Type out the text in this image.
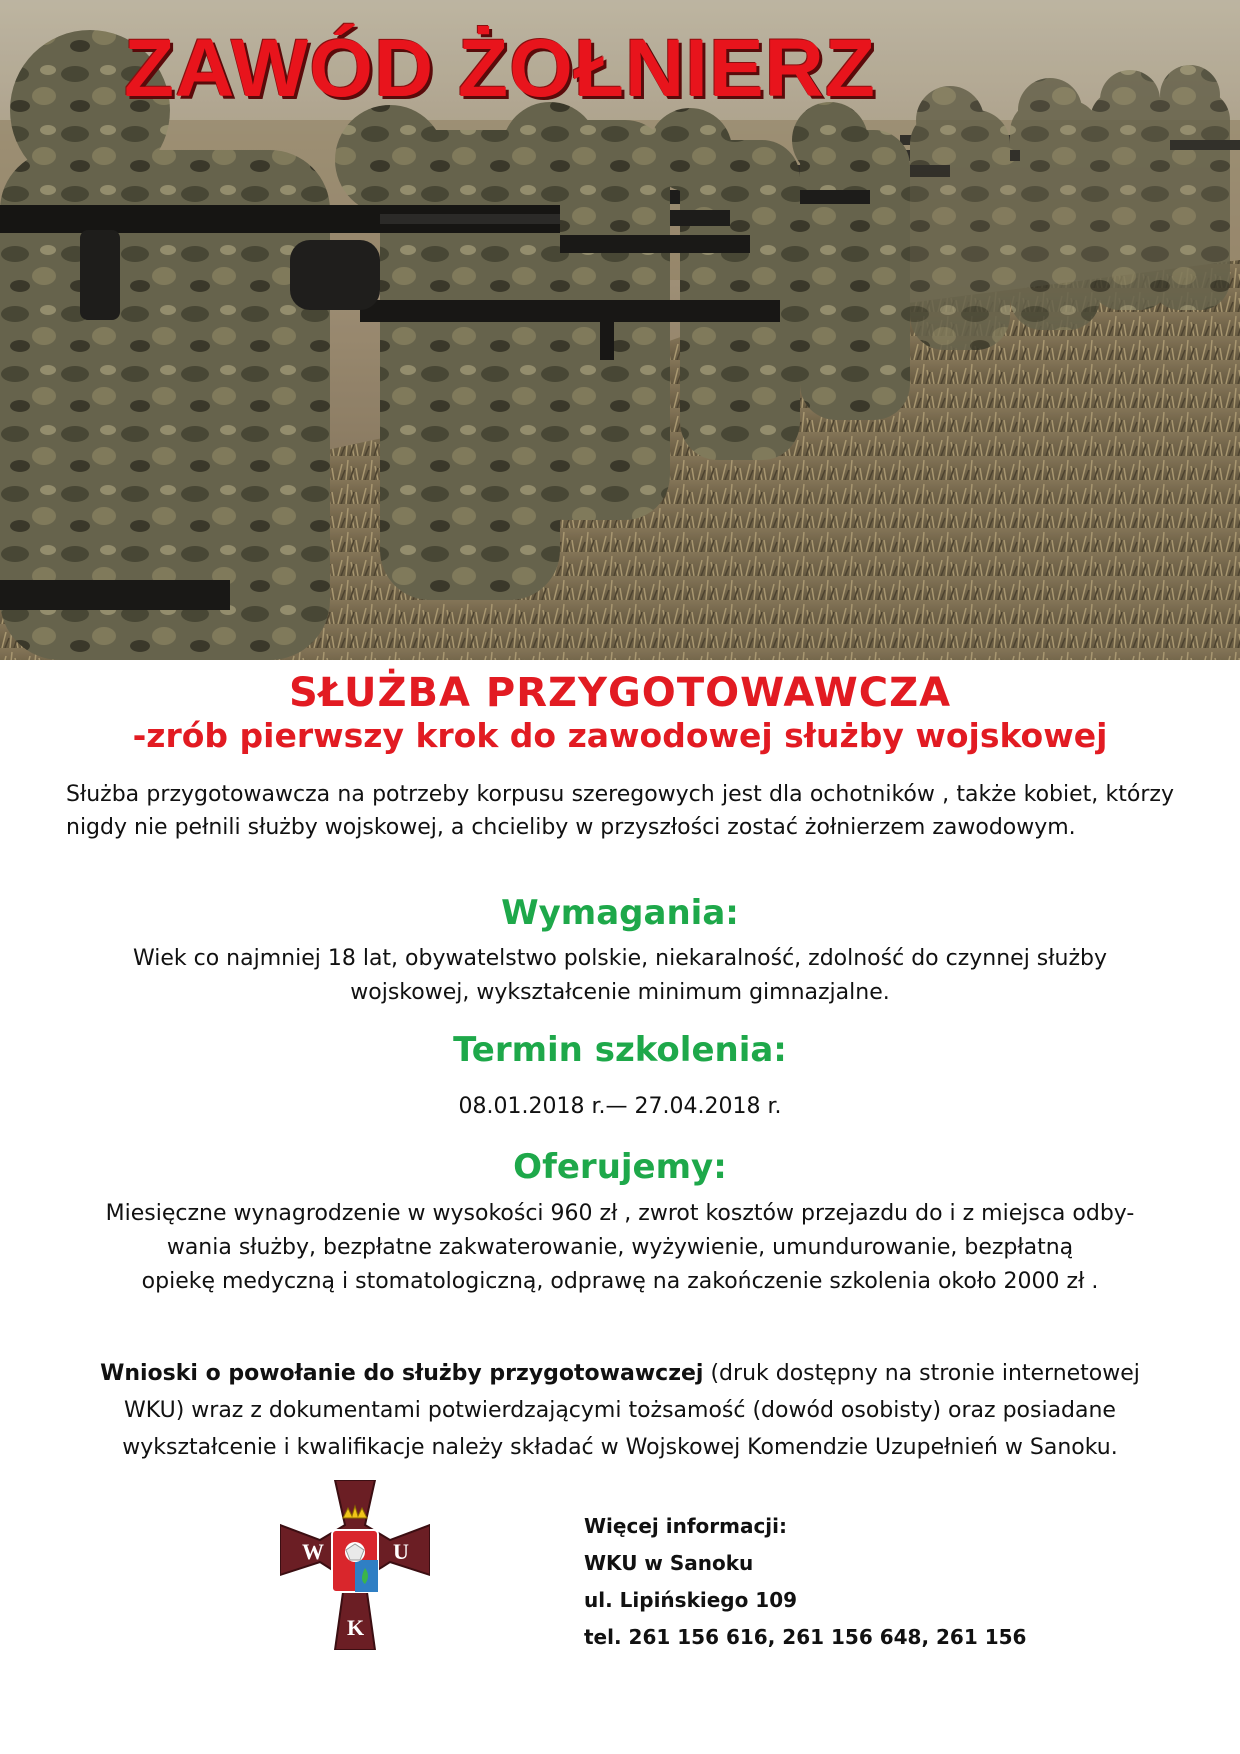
ZAWÓD ŻOŁNIERZ
SŁUŻBA PRZYGOTOWAWCZA
-zrób pierwszy krok do zawodowej służby wojskowej
Służba przygotowawcza na potrzeby korpusu szeregowych jest dla ochotników , także kobiet, którzy nigdy nie pełnili służby wojskowej, a chcieliby w przyszłości zostać żołnierzem zawodowym.
Wymagania:
Wiek co najmniej 18 lat, obywatelstwo polskie, niekaralność, zdolność do czynnej służby
wojskowej, wykształcenie minimum gimnazjalne.
Termin szkolenia:
08.01.2018 r.— 27.04.2018 r.
Oferujemy:
Miesięczne wynagrodzenie w wysokości 960 zł , zwrot kosztów przejazdu do i z miejsca odby-
wania służby, bezpłatne zakwaterowanie, wyżywienie, umundurowanie, bezpłatną
opiekę medyczną i stomatologiczną, odprawę na zakończenie szkolenia około 2000 zł .
Wnioski o powołanie do służby przygotowawczej (druk dostępny na stronie internetowej
WKU) wraz z dokumentami potwierdzającymi tożsamość (dowód osobisty) oraz posiadane
wykształcenie i kwalifikacje należy składać w Wojskowej Komendzie Uzupełnień w Sanoku.
W	U
K
Więcej informacji:
WKU w Sanoku
ul. Lipińskiego 109
tel. 261 156 616, 261 156 648, 261 156
